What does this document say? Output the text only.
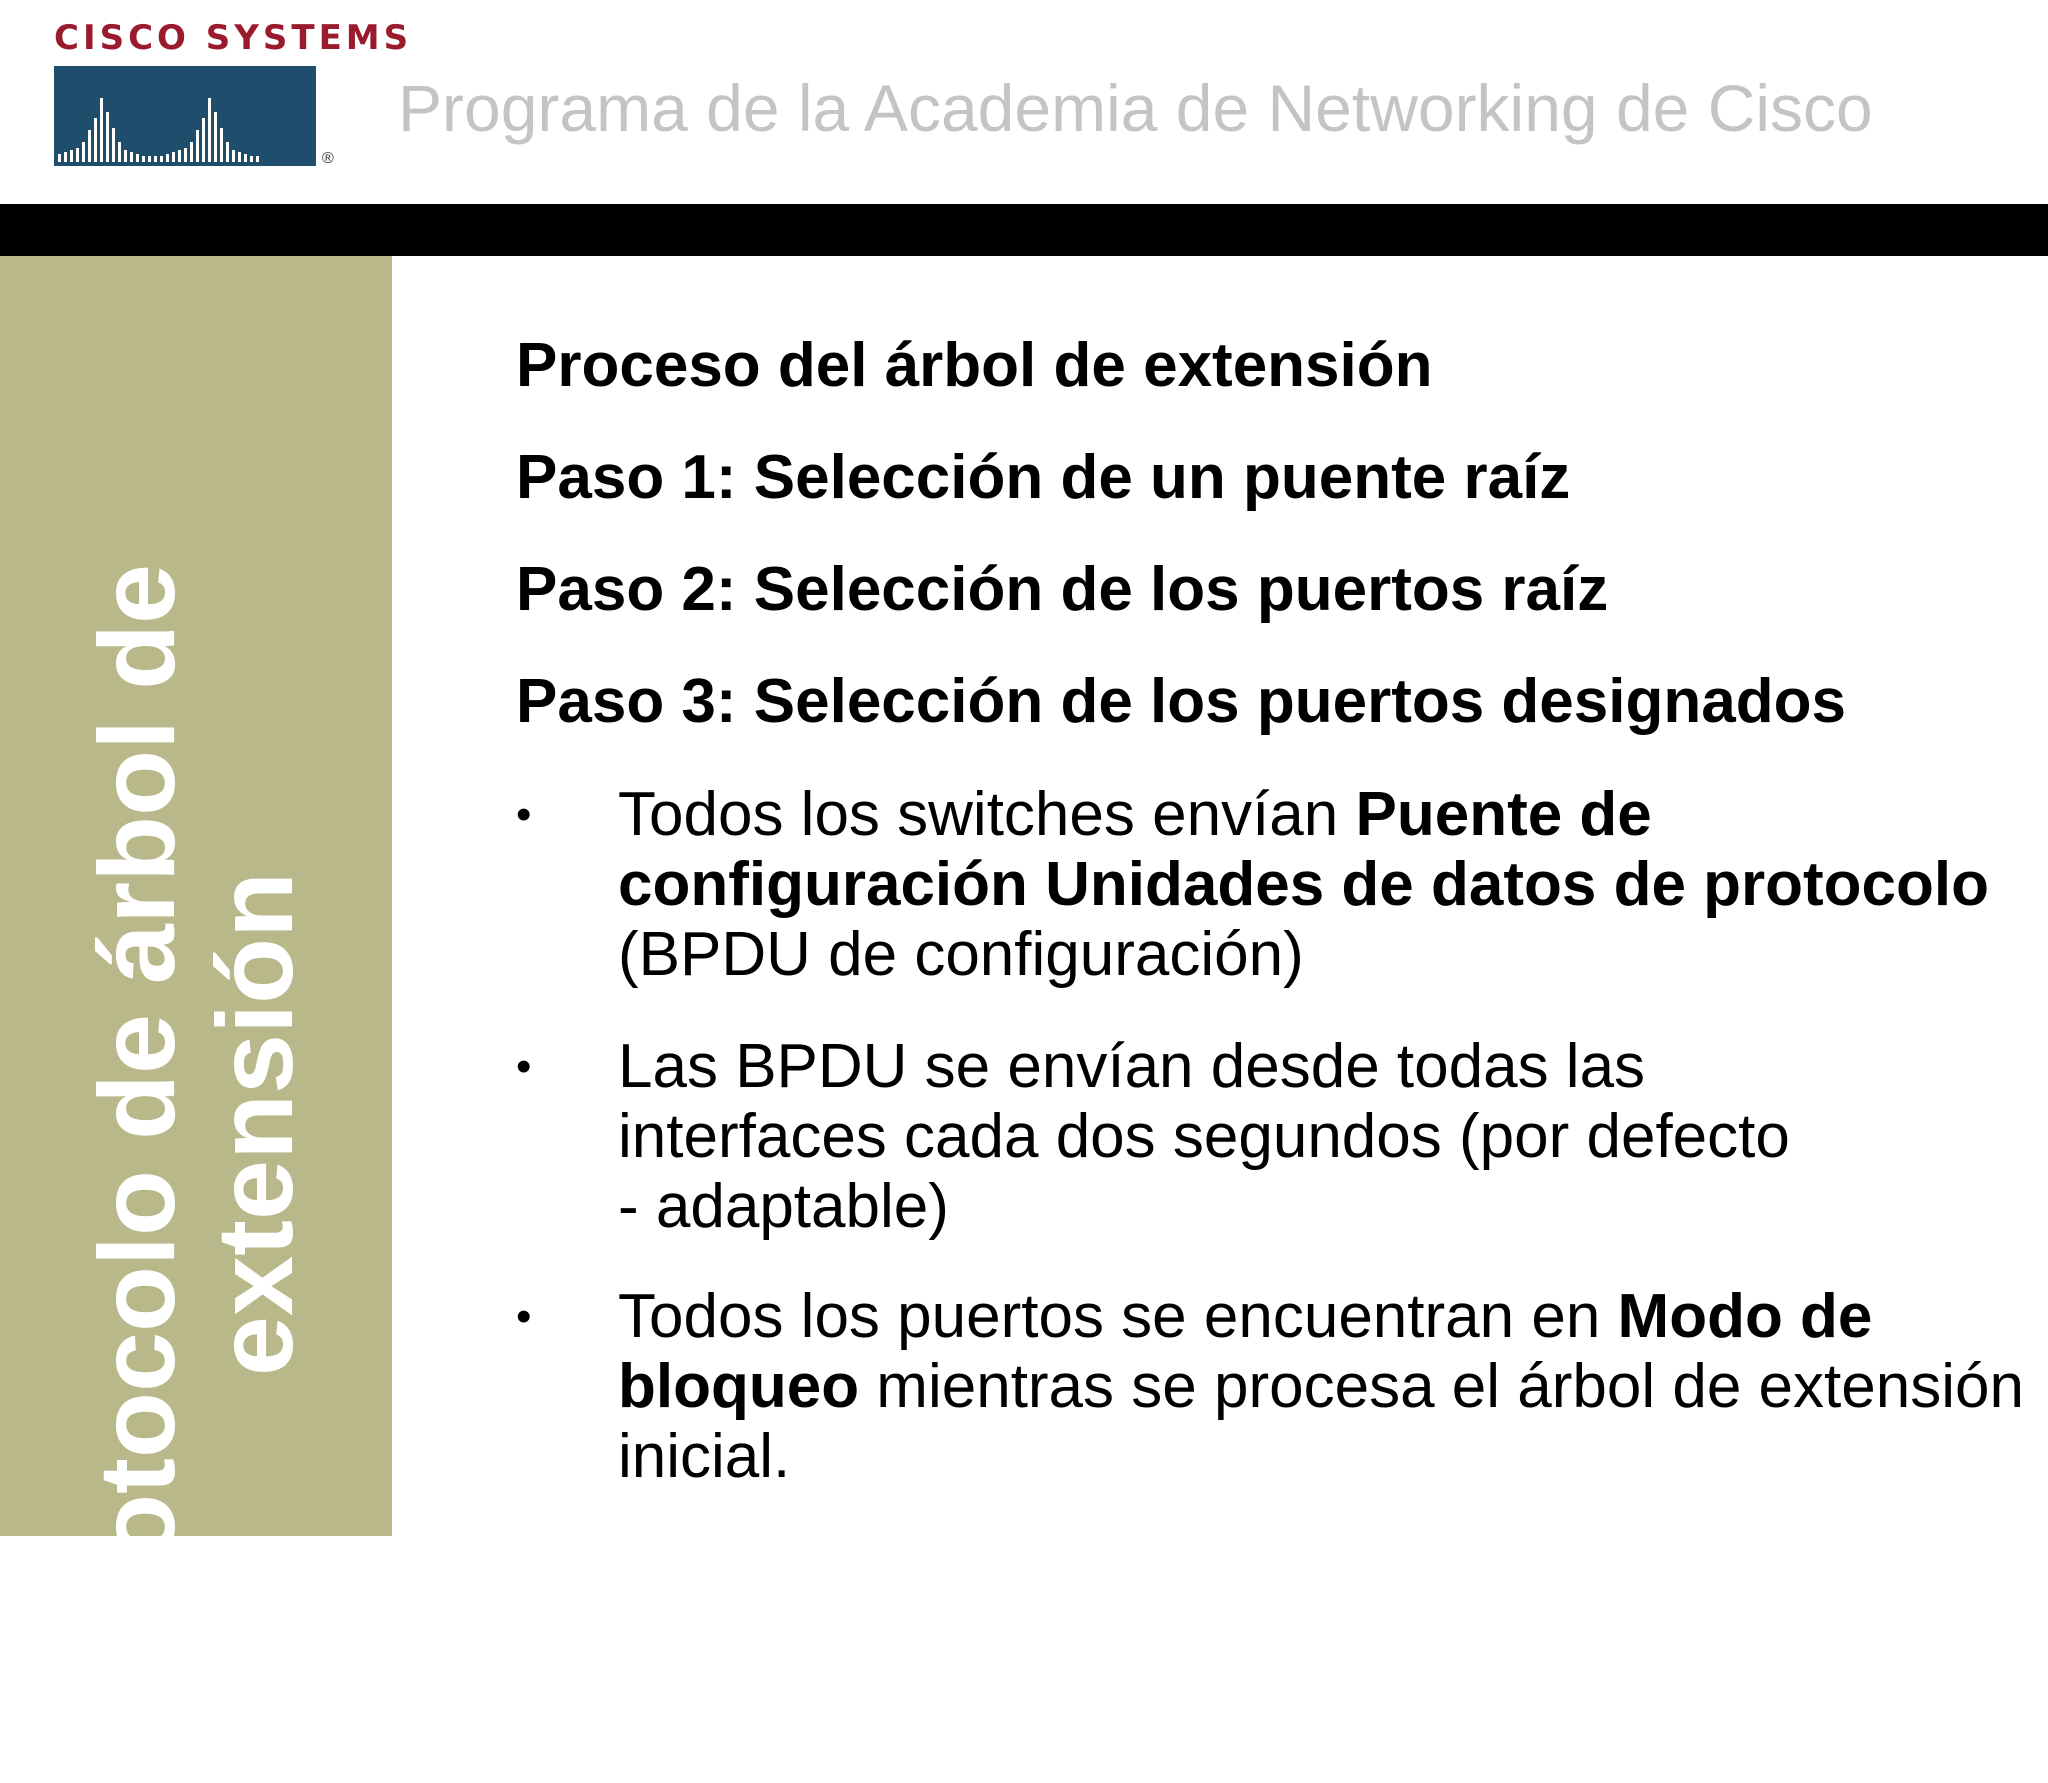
CISCO SYSTEMS
®
Programa de la Academia de Networking de Cisco
Protocolo de árbol de
extensión
(c) Cisco Systems, Inc. 2000
Proceso del árbol de extensión
Paso 1: Selección de un puente raíz
Paso 2: Selección de los puertos raíz
Paso 3: Selección de los puertos designados
• Todos los switches envían Puente de configuración Unidades de datos de protocolo (BPDU de configuración)
• Las BPDU se envían desde todas las interfaces cada dos segundos (por defecto - adaptable)
• Todos los puertos se encuentran en Modo de bloqueo mientras se procesa el árbol de extensión inicial.
